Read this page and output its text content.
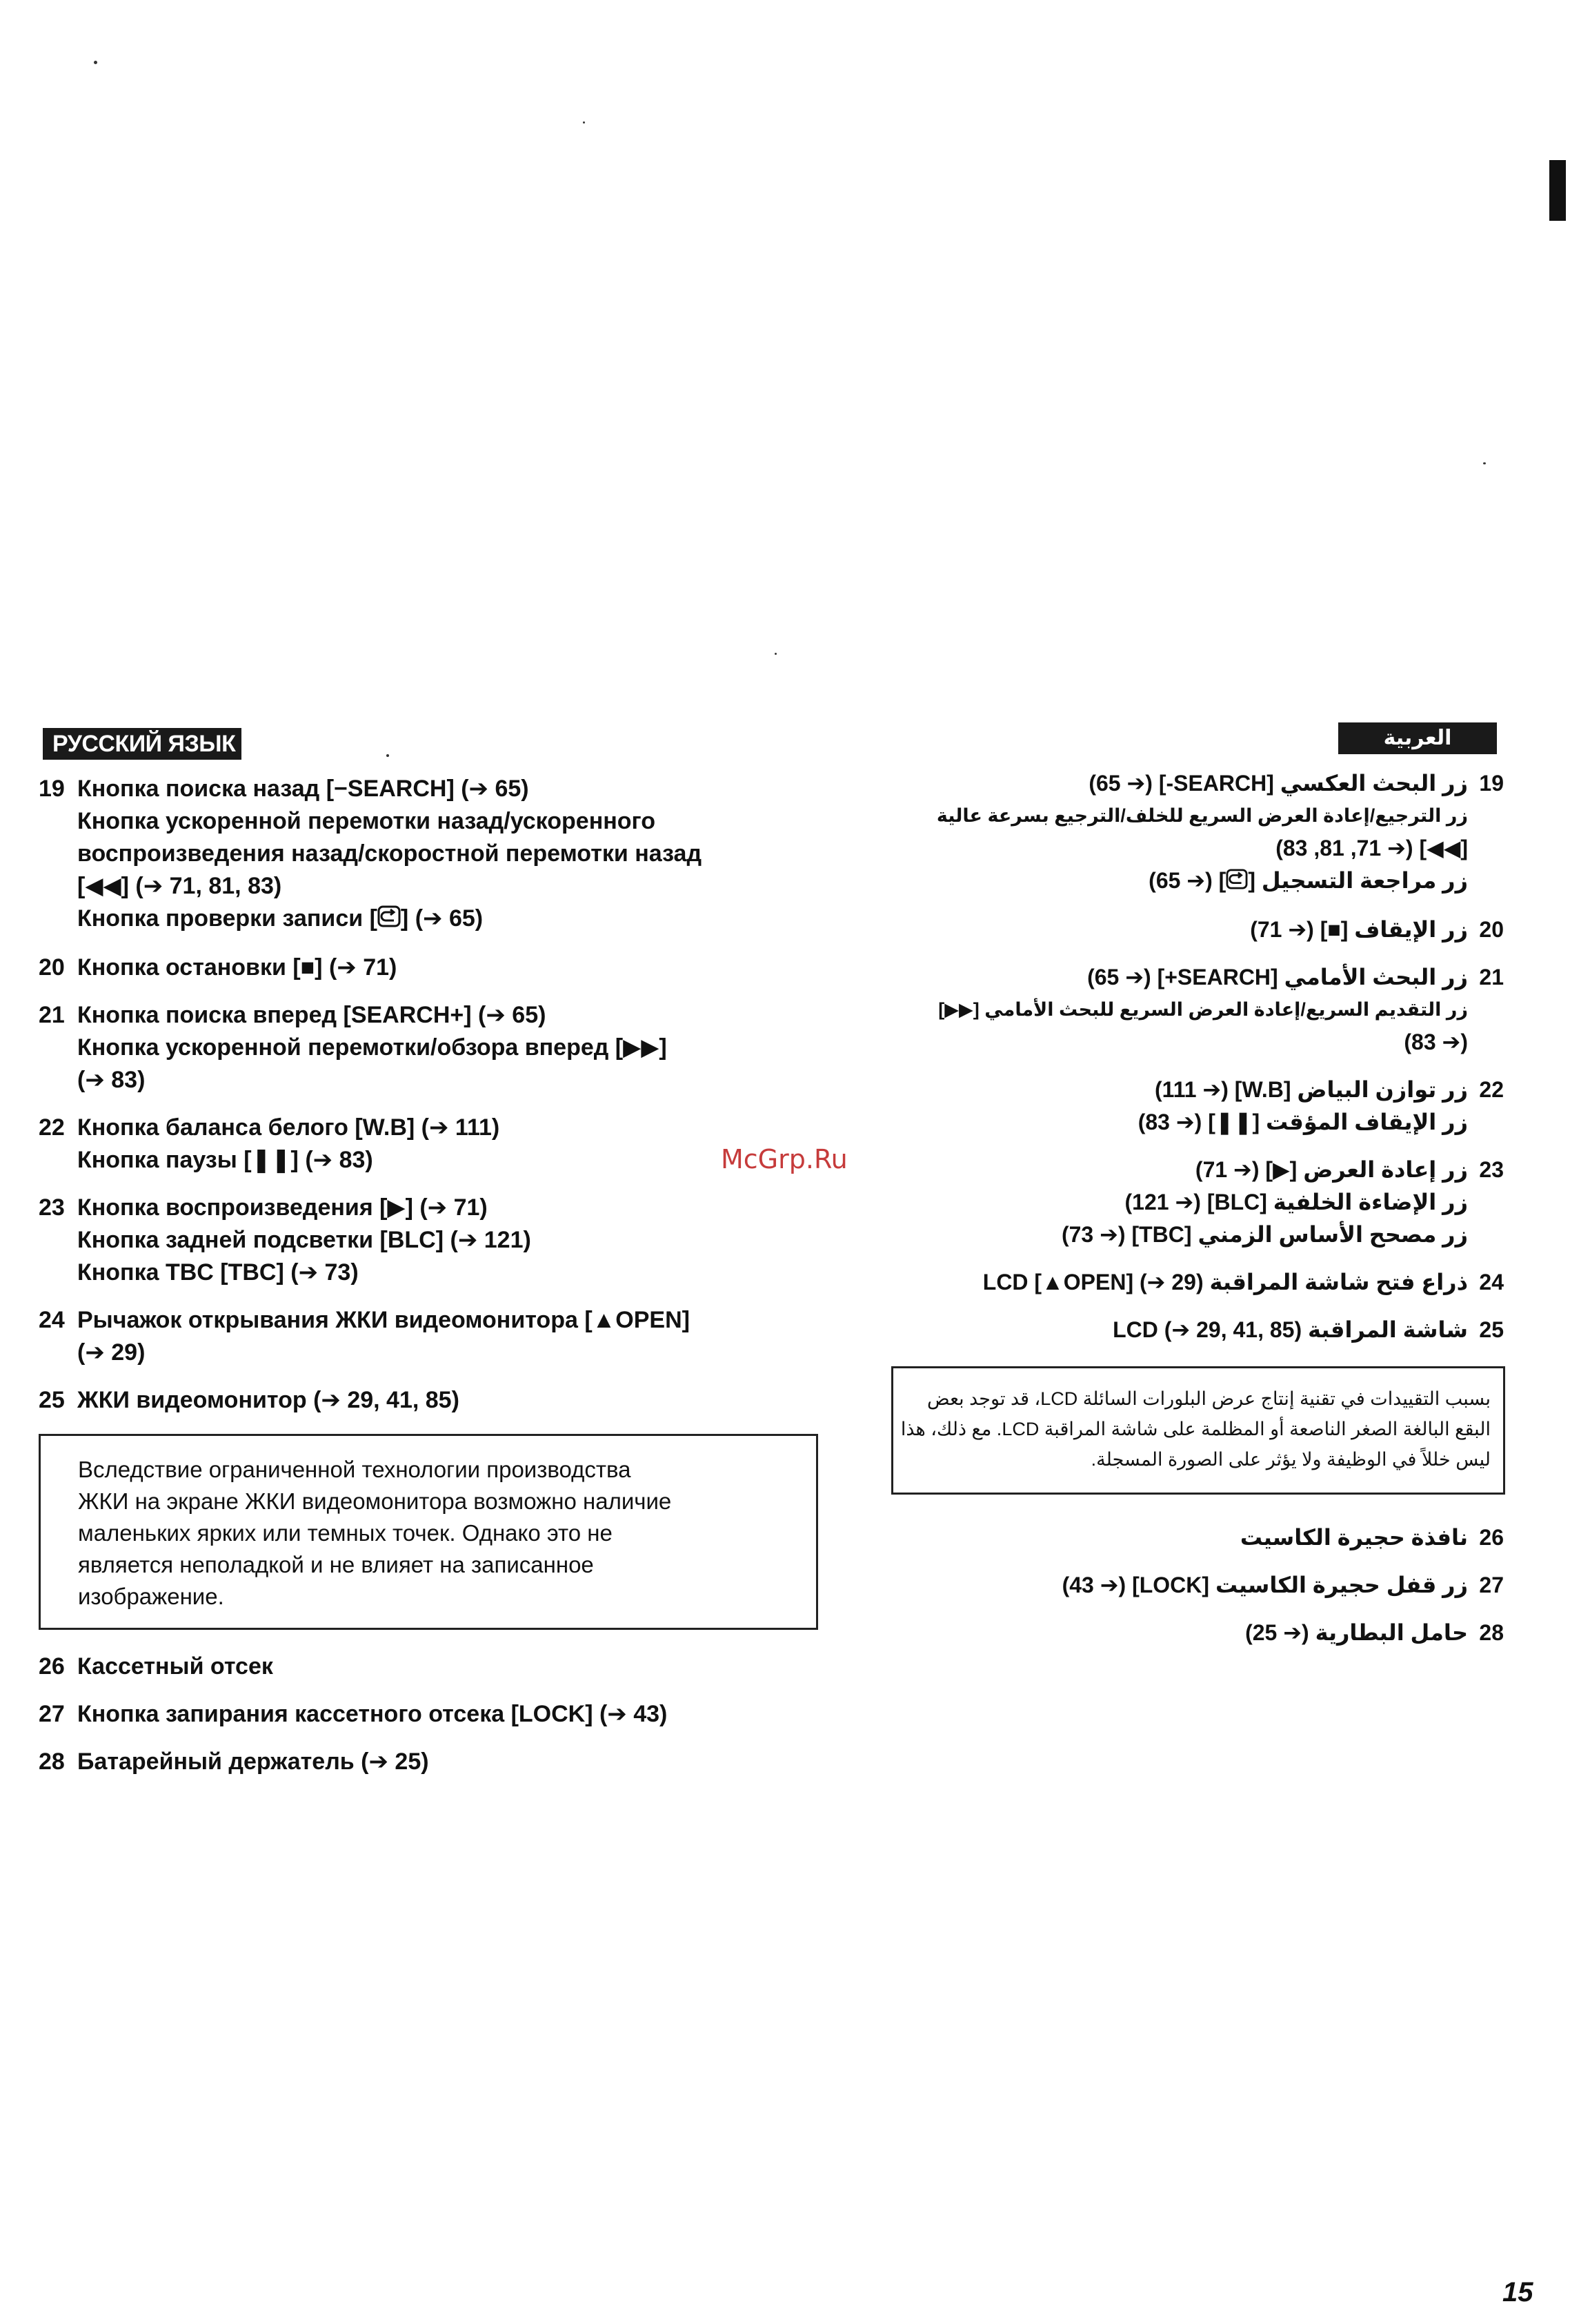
РУССКИЙ ЯЗЫК
19 Кнопка поиска назад [−SEARCH] (➔ 65)
Кнопка ускоренной перемотки назад/ускоренного
воспроизведения назад/скоростной перемотки назад
[◀◀] (➔ 71, 81, 83)
Кнопка проверки записи [ ] (➔ 65)
20 Кнопка остановки [■] (➔ 71)
21 Кнопка поиска вперед [SEARCH+] (➔ 65)
Кнопка ускоренной перемотки/обзора вперед [▶▶]
(➔ 83)
22 Кнопка баланса белого [W.B] (➔ 111)
Кнопка паузы [❚❚] (➔ 83)
23 Кнопка воспроизведения [▶] (➔ 71)
Кнопка задней подсветки [BLC] (➔ 121)
Кнопка TBC [TBC] (➔ 73)
24 Рычажок открывания ЖКИ видеомонитора [▲OPEN]
(➔ 29)
25 ЖКИ видеомонитор (➔ 29, 41, 85)
Вследствие ограниченной технологии производства
ЖКИ на экране ЖКИ видеомонитора возможно наличие
маленьких ярких или темных точек. Однако это не
является неполадкой и не влияет на записанное
изображение.
26 Кассетный отсек
27 Кнопка запирания кассетного отсека [LOCK] (➔ 43)
28 Батарейный держатель (➔ 25)
العربية
19زر البحث العكسي [SEARCH-] (➔ 65)
زر الترجيع/إعادة العرض السريع للخلف/الترجيع بسرعة عالية
[◀◀] (➔ 71, 81, 83)
زر مراجعة التسجيل [] (➔ 65)
20زر الإيقاف [■] (➔ 71)
21زر البحث الأمامي [SEARCH+] (➔ 65)
زر التقديم السريع/إعادة العرض السريع للبحث الأمامي [▶▶]
(➔ 83)
22زر توازن البياض [W.B] (➔ 111)
زر الإيقاف المؤقت [❚❚] (➔ 83)
23زر إعادة العرض [▶] (➔ 71)
زر الإضاءة الخلفية [BLC] (➔ 121)
زر مصحح الأساس الزمني [TBC] (➔ 73)
24ذراع فتح شاشة المراقبة LCD [▲OPEN] (➔ 29)
25شاشة المراقبة LCD (➔ 29, 41, 85)
بسبب التقييدات في تقنية إنتاج عرض البلورات السائلة LCD، قد توجد بعض
البقع البالغة الصغر الناصعة أو المظلمة على شاشة المراقبة LCD. مع ذلك، هذا
ليس خللاً في الوظيفة ولا يؤثر على الصورة المسجلة.
26نافذة حجيرة الكاسيت
27زر قفل حجيرة الكاسيت [LOCK] (➔ 43)
28حامل البطارية (➔ 25)
McGrp.Ru
15
